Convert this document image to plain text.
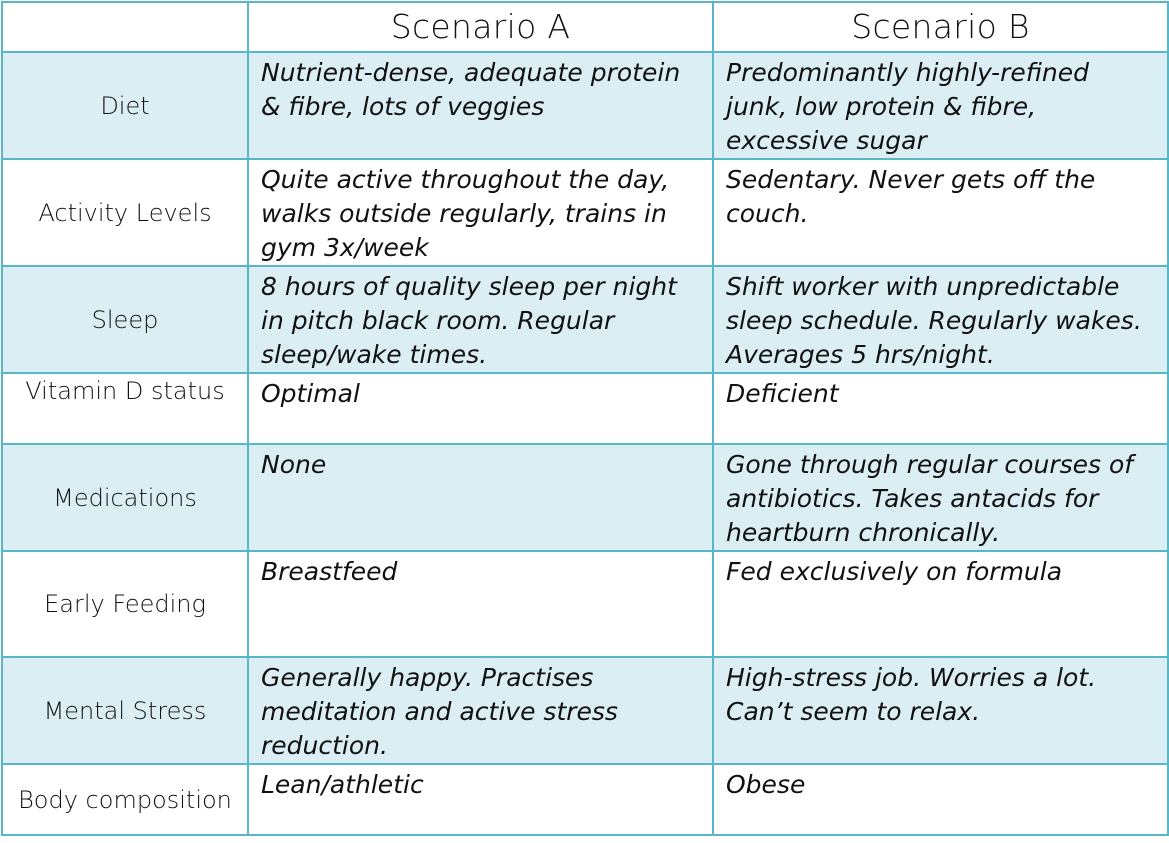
	Scenario A	Scenario B
Diet	Nutrient-dense, adequate protein & fibre, lots of veggies	Predominantly highly-refined junk, low protein & fibre, excessive sugar
Activity Levels	Quite active throughout the day, walks outside regularly, trains in gym 3x/week	Sedentary. Never gets off the couch.
Sleep	8 hours of quality sleep per night in pitch black room. Regular sleep/wake times.	Shift worker with unpredictable sleep schedule. Regularly wakes. Averages 5 hrs/night.
Vitamin D status	Optimal	Deficient
Medications	None	Gone through regular courses of antibiotics. Takes antacids for heartburn chronically.
Early Feeding	Breastfeed	Fed exclusively on formula
Mental Stress	Generally happy. Practises meditation and active stress reduction.	High-stress job. Worries a lot. Can’t seem to relax.
Body composition	Lean/athletic	Obese
